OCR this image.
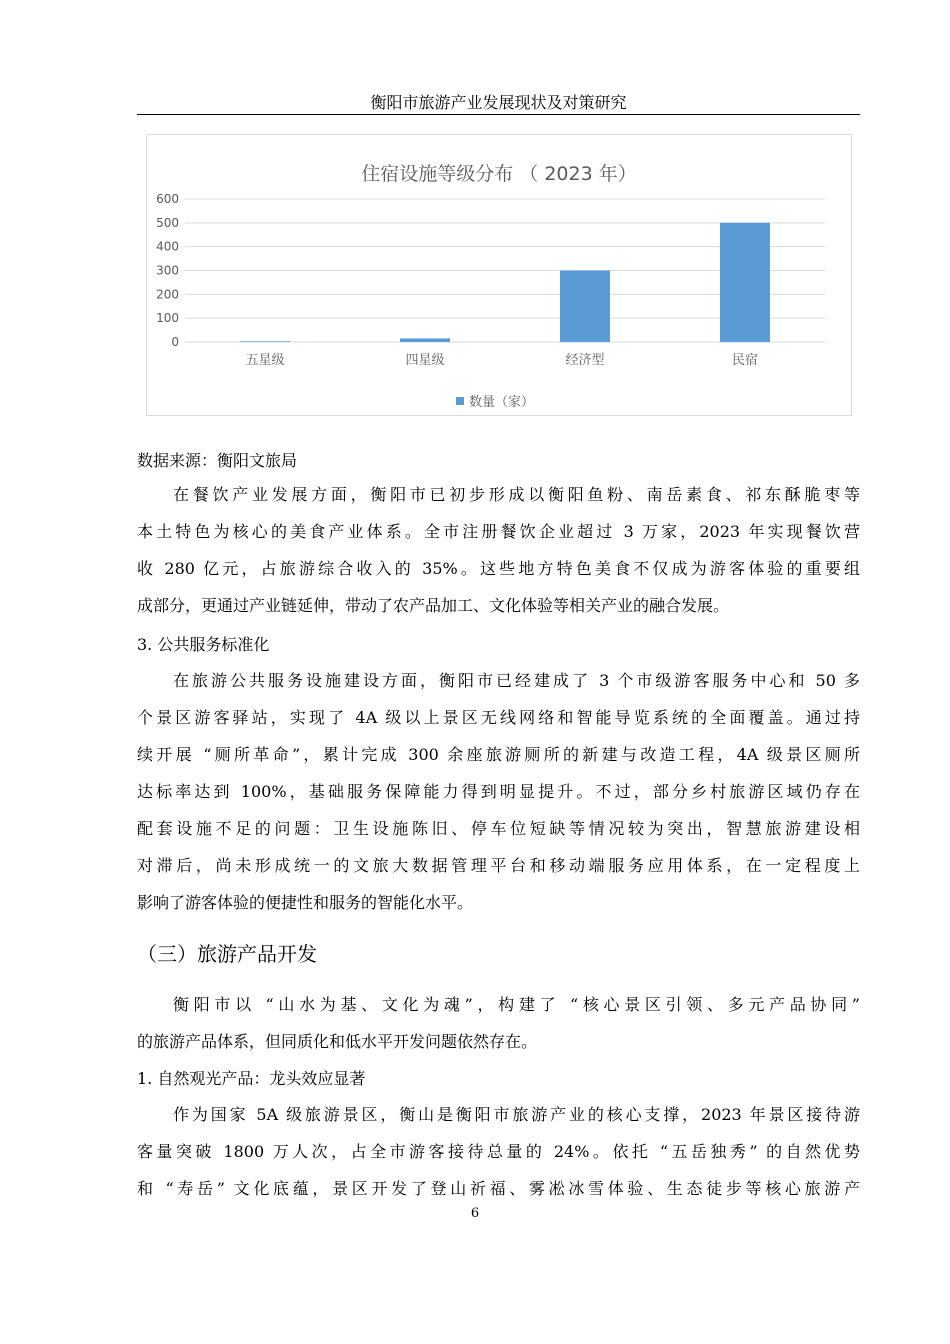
衡阳市旅游产业发展现状及对策研究
住宿设施等级分布 （ 2023 年）
0
100
200
300
400
500
600
五星级	四星级	经济型	民宿
数量（家）
数据来源：衡阳文旅局
在餐饮产业发展方面，衡阳市已初步形成以衡阳鱼粉、南岳素食、祁东酥脆枣等
本土特色为核心的美食产业体系。全市注册餐饮企业超过 3 万家，2023 年实现餐饮营
收 280 亿元，占旅游综合收入的 35%。这些地方特色美食不仅成为游客体验的重要组
成部分，更通过产业链延伸，带动了农产品加工、文化体验等相关产业的融合发展。
3. 公共服务标准化
在旅游公共服务设施建设方面，衡阳市已经建成了 3 个市级游客服务中心和 50 多
个景区游客驿站，实现了 4A 级以上景区无线网络和智能导览系统的全面覆盖。通过持
续开展 “厕所革命”，累计完成 300 余座旅游厕所的新建与改造工程，4A 级景区厕所
达标率达到 100%，基础服务保障能力得到明显提升。不过，部分乡村旅游区域仍存在
配套设施不足的问题：卫生设施陈旧、停车位短缺等情况较为突出，智慧旅游建设相
对滞后，尚未形成统一的文旅大数据管理平台和移动端服务应用体系，在一定程度上
影响了游客体验的便捷性和服务的智能化水平。
（三）旅游产品开发
衡阳市以 “山水为基、文化为魂”，构建了 “核心景区引领、多元产品协同”
的旅游产品体系，但同质化和低水平开发问题依然存在。
1. 自然观光产品：龙头效应显著
作为国家 5A 级旅游景区，衡山是衡阳市旅游产业的核心支撑，2023 年景区接待游
客量突破 1800 万人次，占全市游客接待总量的 24%。依托 “五岳独秀” 的自然优势
和 “寿岳” 文化底蕴，景区开发了登山祈福、雾凇冰雪体验、生态徒步等核心旅游产
6
